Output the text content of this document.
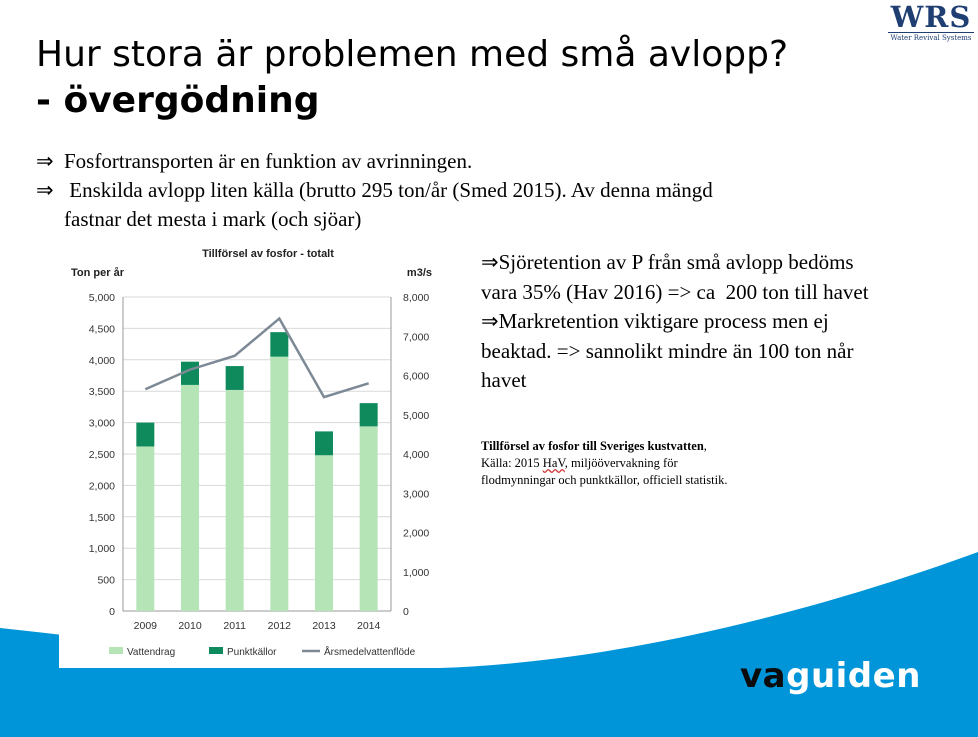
WRS
Water Revival Systems
Hur stora är problemen med små avlopp?
- övergödning
⇒ Fosfortransporten är en funktion av avrinningen.
⇒ Enskilda avlopp liten källa (brutto 295 ton/år (Smed 2015). Av denna mängd
fastnar det mesta i mark (och sjöar)
Tillförsel av fosfor - totalt
Ton per år	m3/s
0
500
1,000
1,500
2,000
2,500
3,000
3,500
4,000
4,500
5,000
0
1,000
2,000
3,000
4,000
5,000
6,000
7,000
8,000
2009 2010 2011 2012 2013 2014
Vattendrag	Punktkällor	Årsmedelvattenflöde
⇒Sjöretention av P från små avlopp bedöms
vara 35% (Hav 2016) => ca  200 ton till havet
⇒Markretention viktigare process men ej
beaktad. => sannolikt mindre än 100 ton når
havet
Tillförsel av fosfor till Sveriges kustvatten,
Källa: 2015 HaV, miljöövervakning för
flodmynningar och punktkällor, officiell statistik.
vaguiden
